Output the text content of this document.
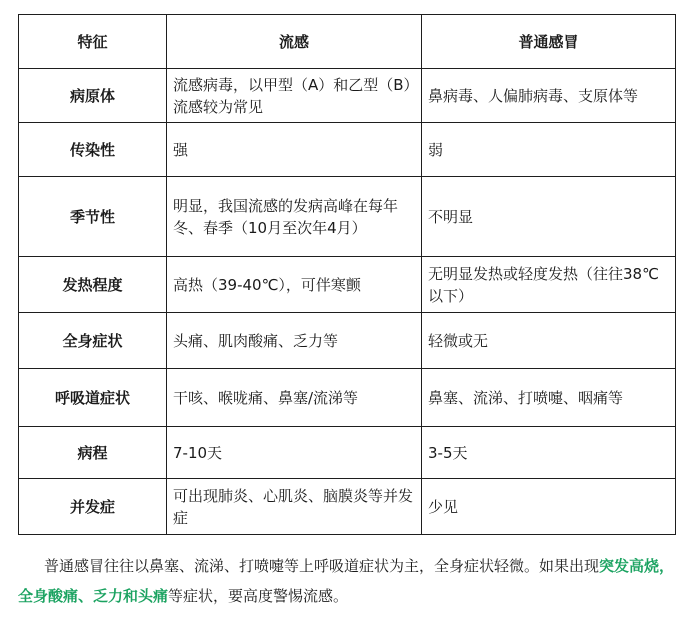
特征	流感	普通感冒
病原体	流感病毒，以甲型（A）和乙型（B）流感较为常见	鼻病毒、人偏肺病毒、支原体等
传染性	强	弱
季节性	明显，我国流感的发病高峰在每年冬、春季（10月至次年4月）	不明显
发热程度	高热（39-40℃），可伴寒颤	无明显发热或轻度发热（往往38℃以下）
全身症状	头痛、肌肉酸痛、乏力等	轻微或无
呼吸道症状	干咳、喉咙痛、鼻塞/流涕等	鼻塞、流涕、打喷嚏、咽痛等
病程	7-10天	3-5天
并发症	可出现肺炎、心肌炎、脑膜炎等并发症	少见

普通感冒往往以鼻塞、流涕、打喷嚏等上呼吸道症状为主，全身症状轻微。如果出现突发高烧，全身酸痛、乏力和头痛等症状，要高度警惕流感。
